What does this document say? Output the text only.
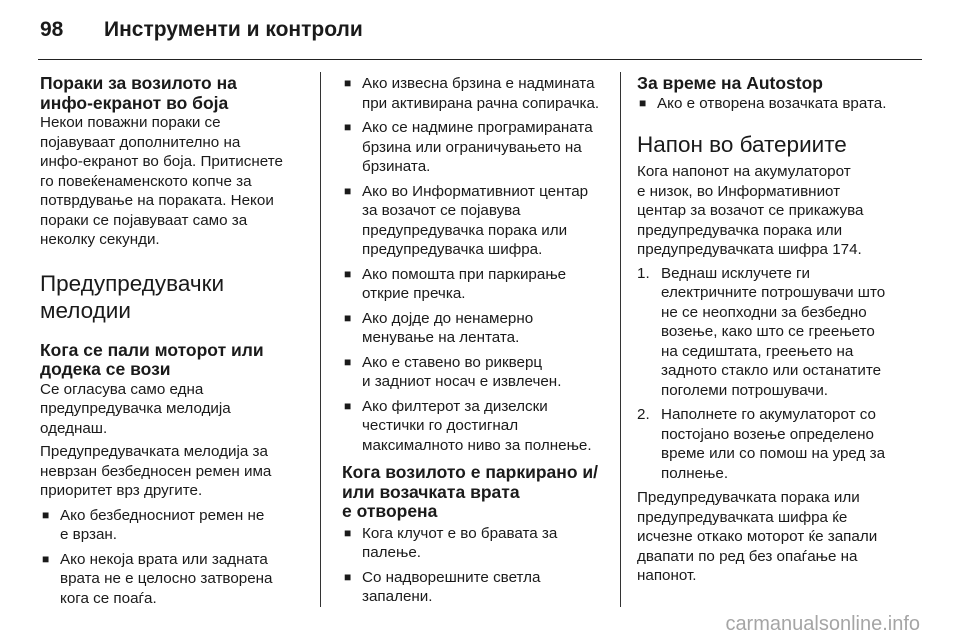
98	Инструменти и контроли
Пораки за возилото на
инфо-екранот во боја

Некои поважни пораки се
појавуваат дополнително на
инфо-екранот во боја. Притиснете
го повеќенаменското копче за
потврдување на пораката. Некои
пораки се појавуваат само за
неколку секунди.

Предупредувачки
мелодии
Кога се пали моторот или
додека се вози

Се огласува само една
предупредувачка мелодија
одеднаш.

Предупредувачката мелодија за
неврзан безбедносен ремен има
приоритет врз другите.

■ Ако безбедносниот ремен не
е врзан.
■ Ако некоја врата или задната
врата не е целосно затворена
кога се поаѓа.
■ Ако извесна брзина е надмината
при активирана рачна сопирачка.
■ Ако се надмине програмираната
брзина или ограничувањето на
брзината.
■ Ако во Информативниот центар
за возачот се појавува
предупредувачка порака или
предупредувачка шифра.
■ Ако помошта при паркирање
открие пречка.
■ Ако дојде до ненамерно
менување на лентата.
■ Ако е ставено во рикверц
и задниот носач е извлечен.
■ Ако филтерот за дизелски
честички го достигнал
максималното ниво за полнење.
Кога возилото е паркирано и/
или возачката врата
е отворена
■ Кога клучот е во бравата за
палење.
■ Со надворешните светла
запалени.
За време на Autostop
■ Ако е отворена возачката врата.
Напон во батериите

Кога напонот на акумулаторот
е низок, во Информативниот
центар за возачот се прикажува
предупредувачка порака или
предупредувачката шифра 174.

1. Веднаш исклучете ги
електричните потрошувачи што
не се неопходни за безбедно
возење, како што се греењето
на седиштата, греењето на
задното стакло или останатите
поголеми потрошувачи.
2. Наполнете го акумулаторот со
постојано возење определено
време или со помош на уред за
полнење.

Предупредувачката порака или
предупредувачката шифра ќе
исчезне откако моторот ќе запали
двапати по ред без опаѓање на
напонот.

carmanualsonline.info
